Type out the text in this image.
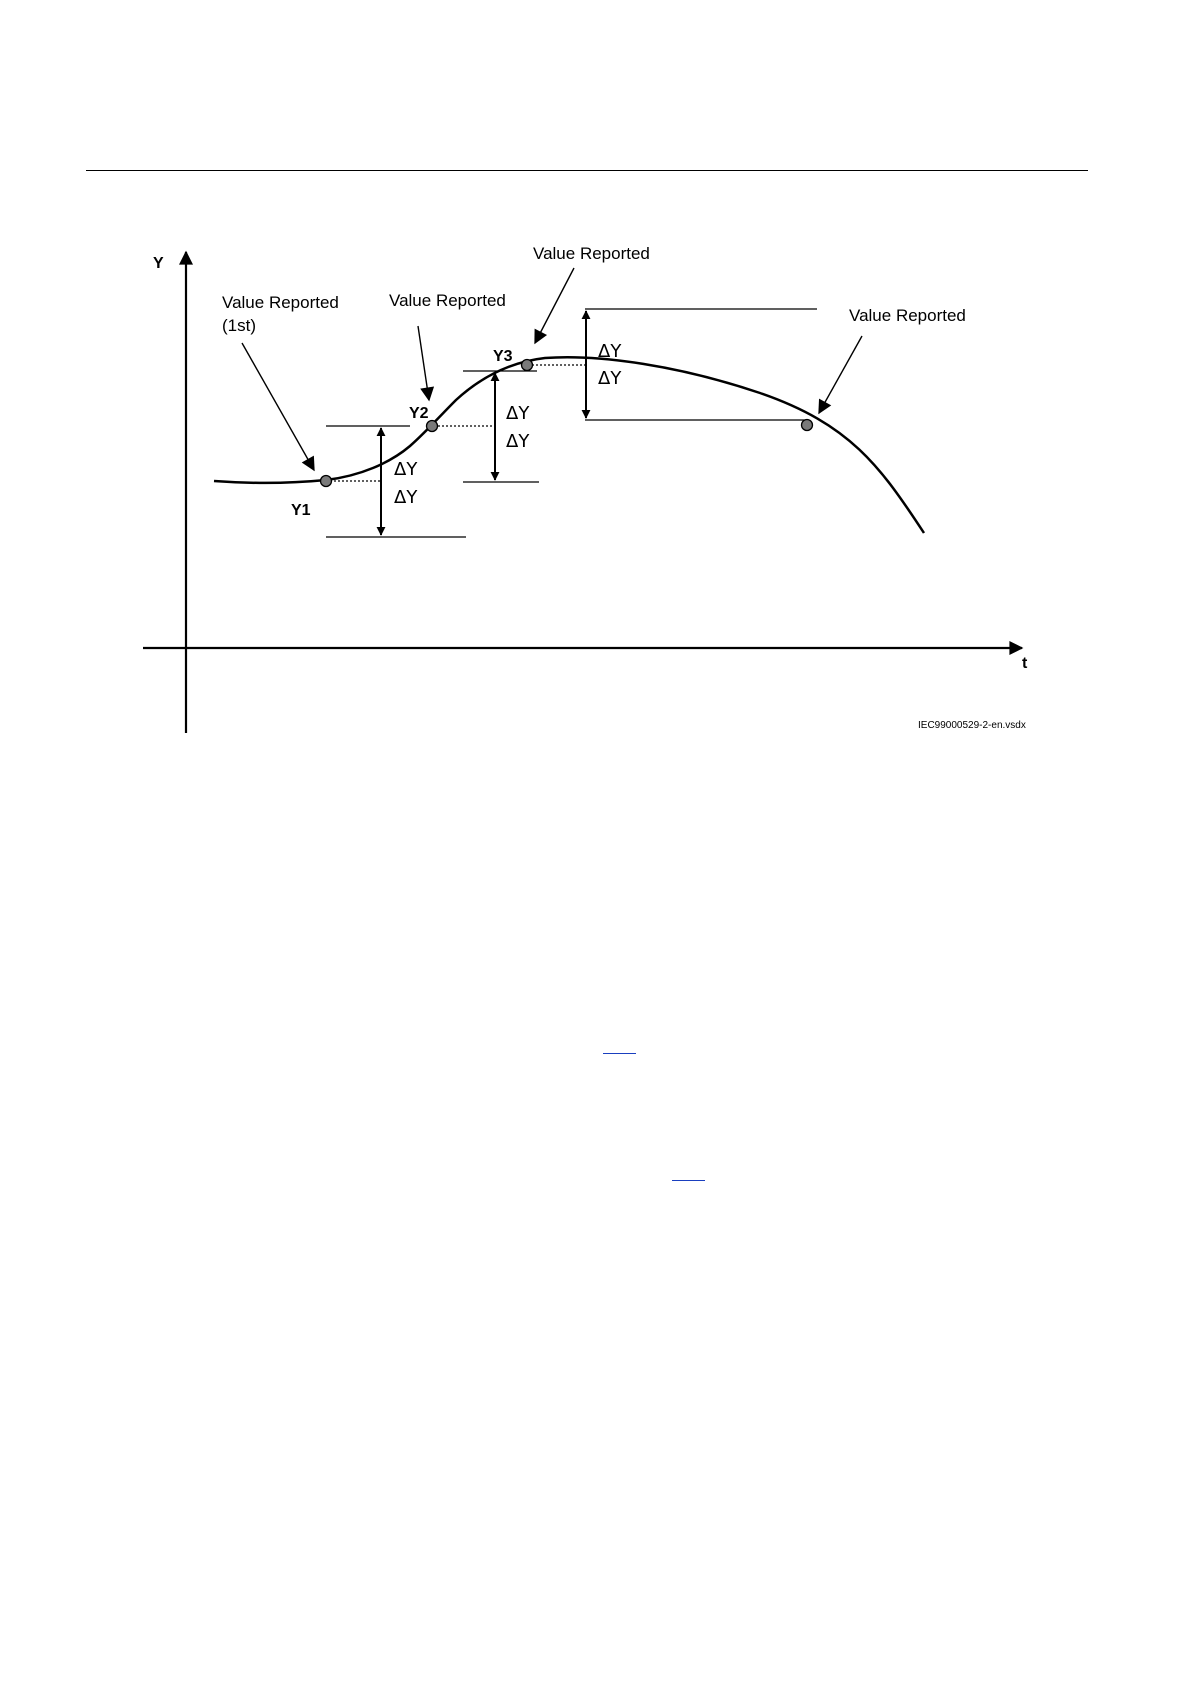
Y
t
ΔY
ΔY
ΔY
ΔY
ΔY
ΔY
Y1
Y2
Y3
Value Reported
(1st)
Value Reported
Value Reported
Value Reported
IEC99000529-2-en.vsdx
